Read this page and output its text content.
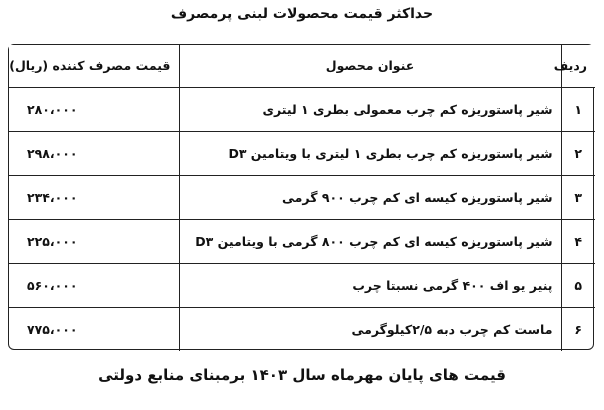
حداکثر قیمت محصولات لبنی پرمصرف
ردیف	عنوان محصول	قیمت مصرف کننده (ریال)
۱	شیر پاستوریزه کم چرب معمولی بطری ۱ لیتری	۲۸۰،۰۰۰
۲	شیر پاستوریزه کم چرب بطری ۱ لیتری با ویتامین D۳	۲۹۸،۰۰۰
۳	شیر پاستوریزه کیسه ای کم چرب ۹۰۰ گرمی	۲۳۴،۰۰۰
۴	شیر پاستوریزه کیسه ای کم چرب ۸۰۰ گرمی با ویتامین D۳	۲۲۵،۰۰۰
۵	پنیر یو اف ۴۰۰ گرمی نسبتا چرب	۵۶۰،۰۰۰
۶	ماست کم چرب دبه ۲/۵کیلوگرمی	۷۷۵،۰۰۰
قیمت های پایان مهرماه سال ۱۴۰۳ برمبنای منابع دولتی
